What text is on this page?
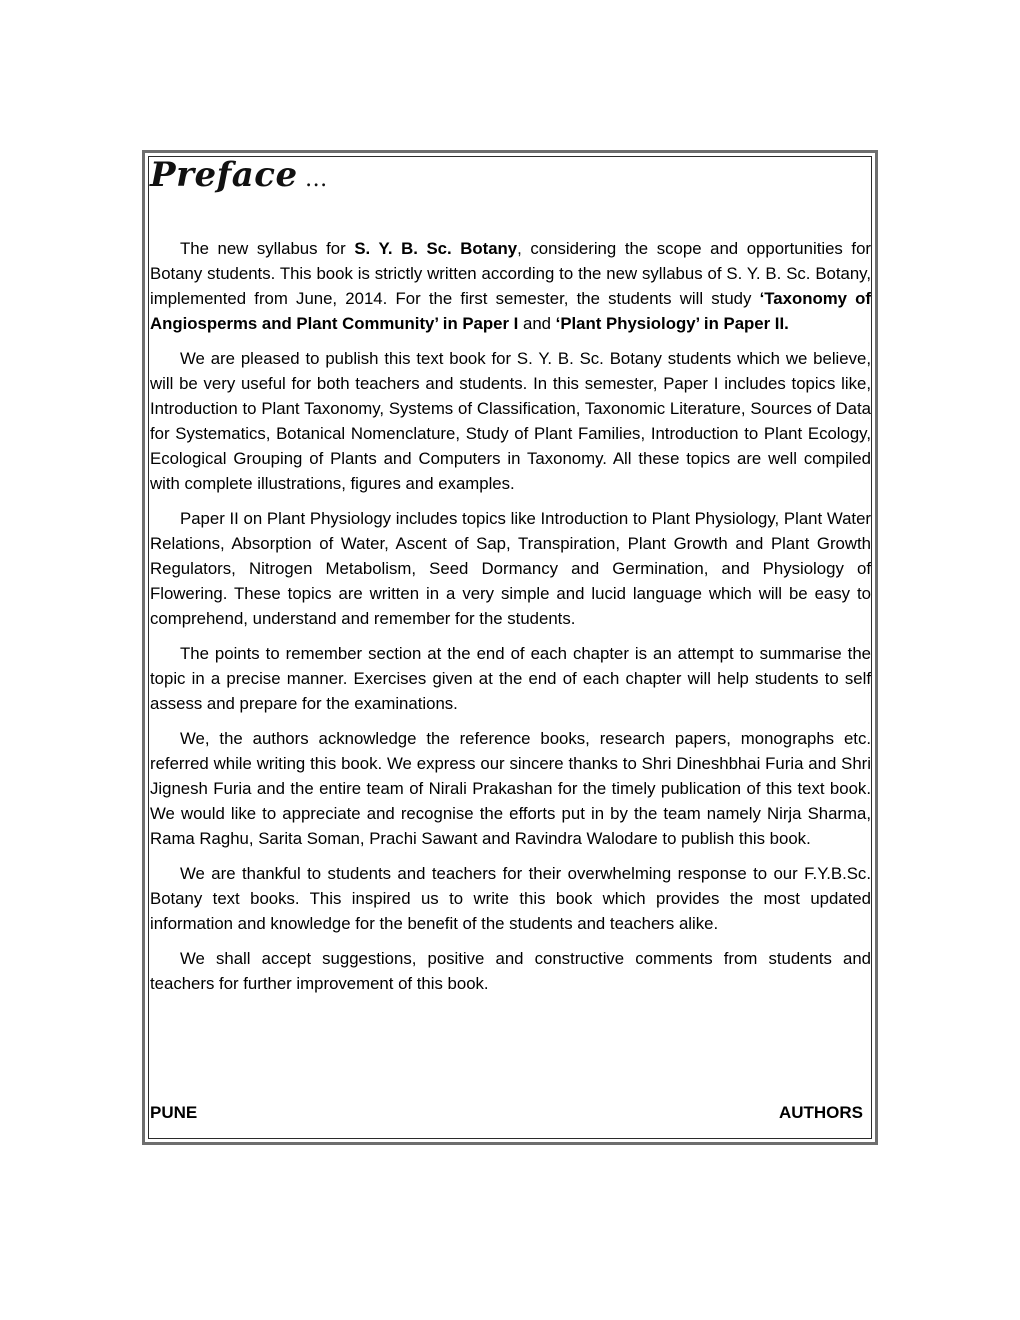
Preface ...

The new syllabus for S. Y. B. Sc. Botany, considering the scope and opportunities for Botany students. This book is strictly written according to the new syllabus of S. Y. B. Sc. Botany, implemented from June, 2014. For the first semester, the students will study ‘Taxonomy of Angiosperms and Plant Community’ in Paper I and ‘Plant Physiology’ in Paper II.

We are pleased to publish this text book for S. Y. B. Sc. Botany students which we believe, will be very useful for both teachers and students. In this semester, Paper I includes topics like, Introduction to Plant Taxonomy, Systems of Classification, Taxonomic Literature, Sources of Data for Systematics, Botanical Nomenclature, Study of Plant Families, Introduction to Plant Ecology, Ecological Grouping of Plants and Computers in Taxonomy. All these topics are well compiled with complete illustrations, figures and examples.

Paper II on Plant Physiology includes topics like Introduction to Plant Physiology, Plant Water Relations, Absorption of Water, Ascent of Sap, Transpiration, Plant Growth and Plant Growth Regulators, Nitrogen Metabolism, Seed Dormancy and Germination, and Physiology of Flowering. These topics are written in a very simple and lucid language which will be easy to comprehend, understand and remember for the students.

The points to remember section at the end of each chapter is an attempt to summarise the topic in a precise manner. Exercises given at the end of each chapter will help students to self assess and prepare for the examinations.

We, the authors acknowledge the reference books, research papers, monographs etc. referred while writing this book. We express our sincere thanks to Shri Dineshbhai Furia and Shri Jignesh Furia and the entire team of Nirali Prakashan for the timely publication of this text book. We would like to appreciate and recognise the efforts put in by the team namely Nirja Sharma, Rama Raghu, Sarita Soman, Prachi Sawant and Ravindra Walodare to publish this book.

We are thankful to students and teachers for their overwhelming response to our F.Y.B.Sc. Botany text books. This inspired us to write this book which provides the most updated information and knowledge for the benefit of the students and teachers alike.

We shall accept suggestions, positive and constructive comments from students and teachers for further improvement of this book.

PUNE	AUTHORS
